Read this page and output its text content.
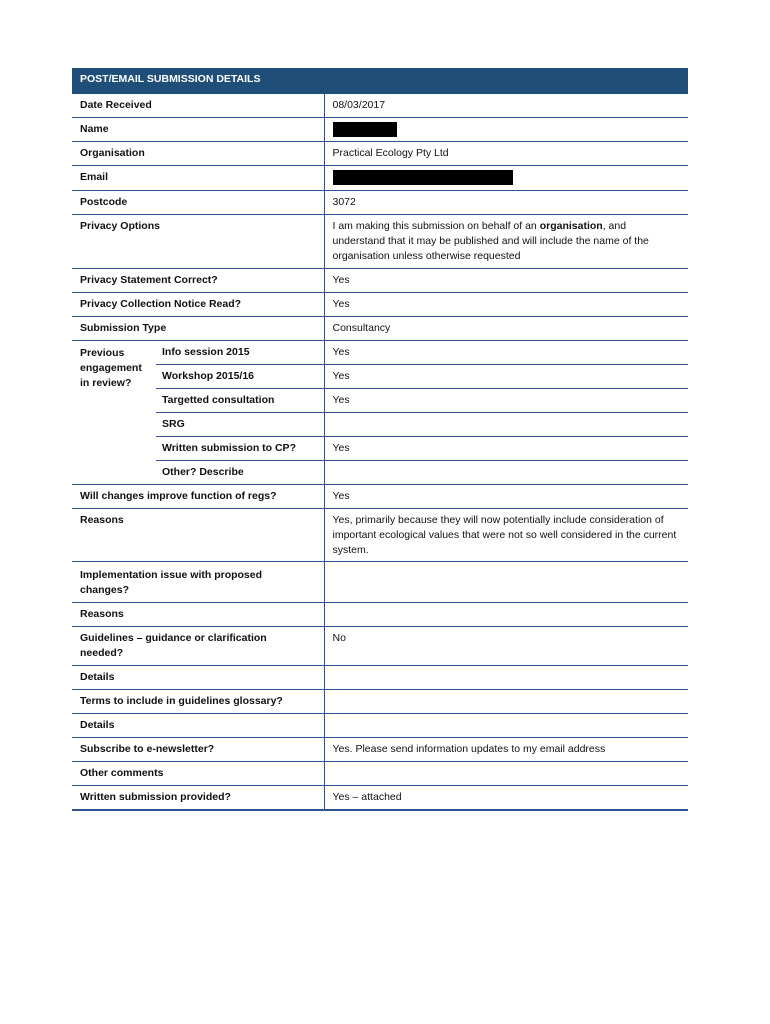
POST/EMAIL SUBMISSION DETAILS		
Date Received		08/03/2017
Name		
Organisation		Practical Ecology Pty Ltd
Email		
Postcode		3072
Privacy Options		I am making this submission on behalf of an organisation, and understand that it may be published and will include the name of the organisation unless otherwise requested
Privacy Statement Correct?		Yes
Privacy Collection Notice Read?		Yes
Submission Type		Consultancy
Previous engagement in review?	Info session 2015	Yes
	Workshop 2015/16	Yes
	Targetted consultation	Yes
	SRG	
	Written submission to CP?	Yes
	Other? Describe	
Will changes improve function of regs?		Yes
Reasons		Yes, primarily because they will now potentially include consideration of important ecological values that were not so well considered in the current system.
Implementation issue with proposed changes?		
Reasons		
Guidelines – guidance or clarification needed?		No
Details		
Terms to include in guidelines glossary?		
Details		
Subscribe to e-newsletter?		Yes. Please send information updates to my email address
Other comments		
Written submission provided?		Yes – attached
